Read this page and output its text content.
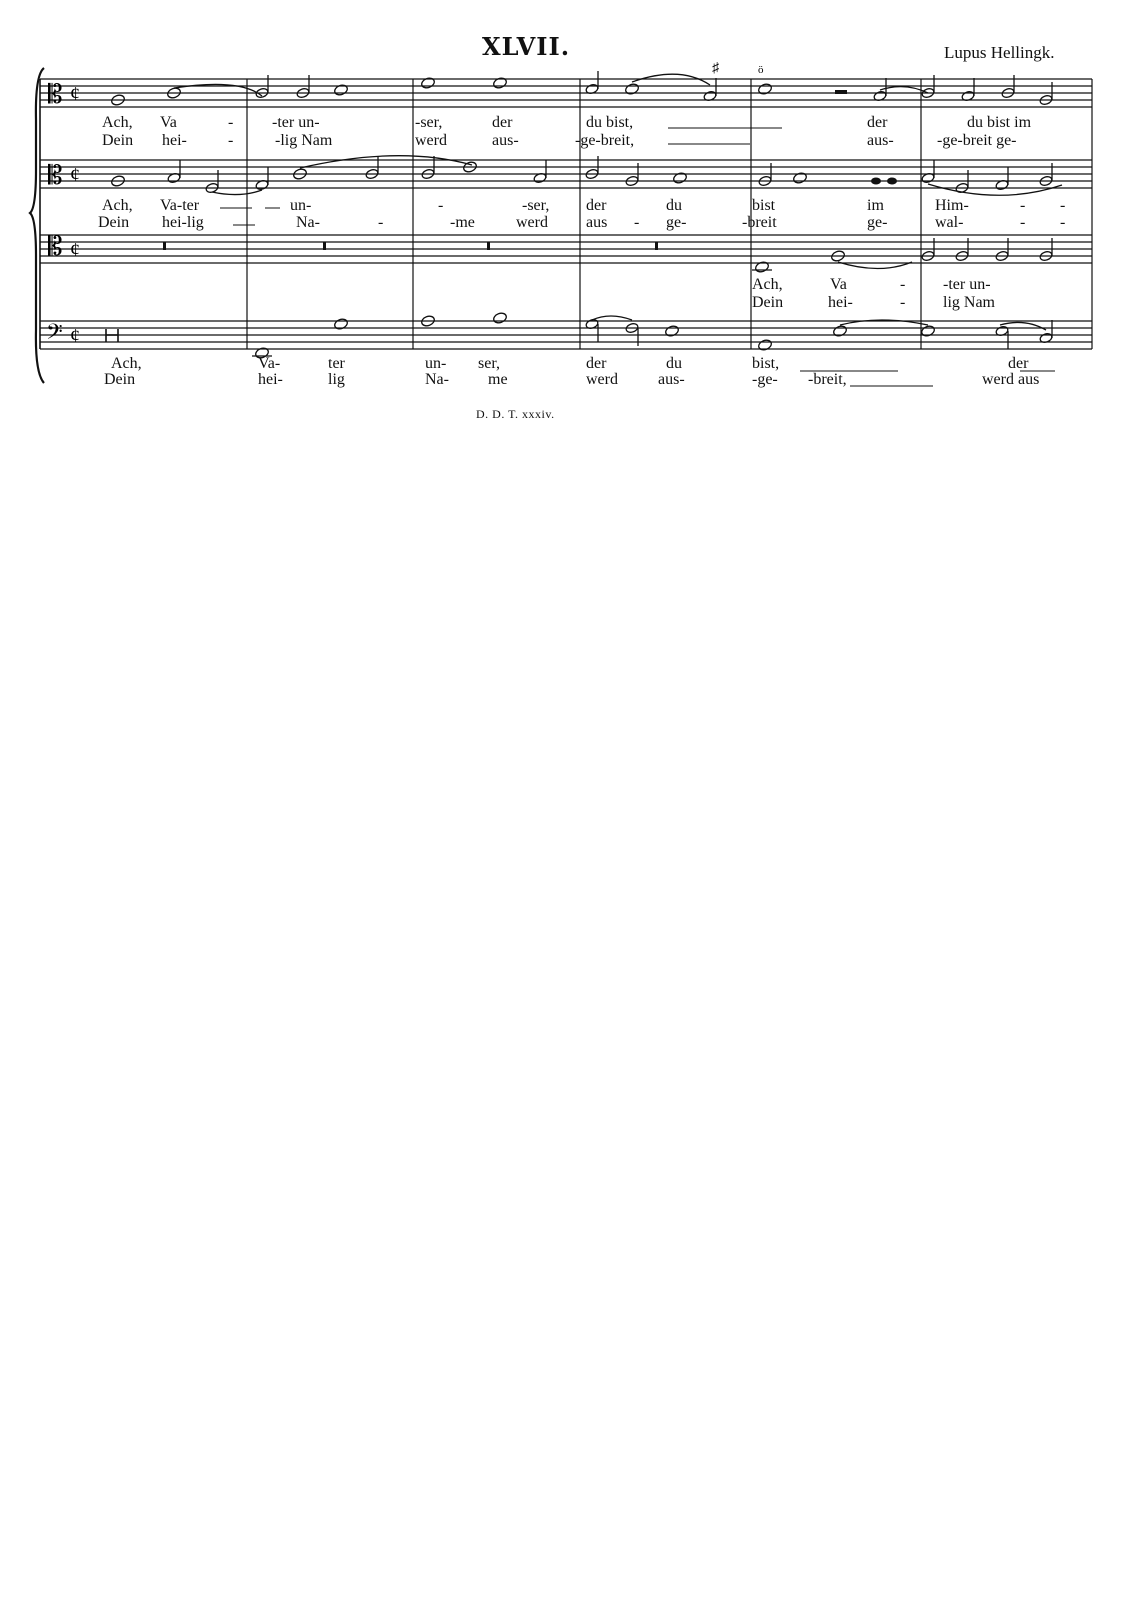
XLVII.	Lupus Hellingk.
𝄡 ¢
♯	ö
𝄡 ¢
𝄡 ¢
𝄢 ¢
Ach, Va	- -ter un-	-ser,	der	du bist,	der	du bist im
Dein hei-	-	-lig Nam	werd	aus-	-ge-breit,	aus-	-ge-breit ge-
Ach, Va-ter	un-	-	-ser, der	du	bist	im	Him-	- -
Dein hei-lig	Na-	-	-me	werd aus - ge-	-breit	ge-	wal-	- -
Ach,	Va	- -ter un-
Dein	hei-	- lig Nam
Ach,	Va-	ter	un- ser,	der	du	bist,	der
Dein	hei-	lig	Na- me	werd	aus-	-ge- -breit,	werd aus
D. D. T. xxxiv.
